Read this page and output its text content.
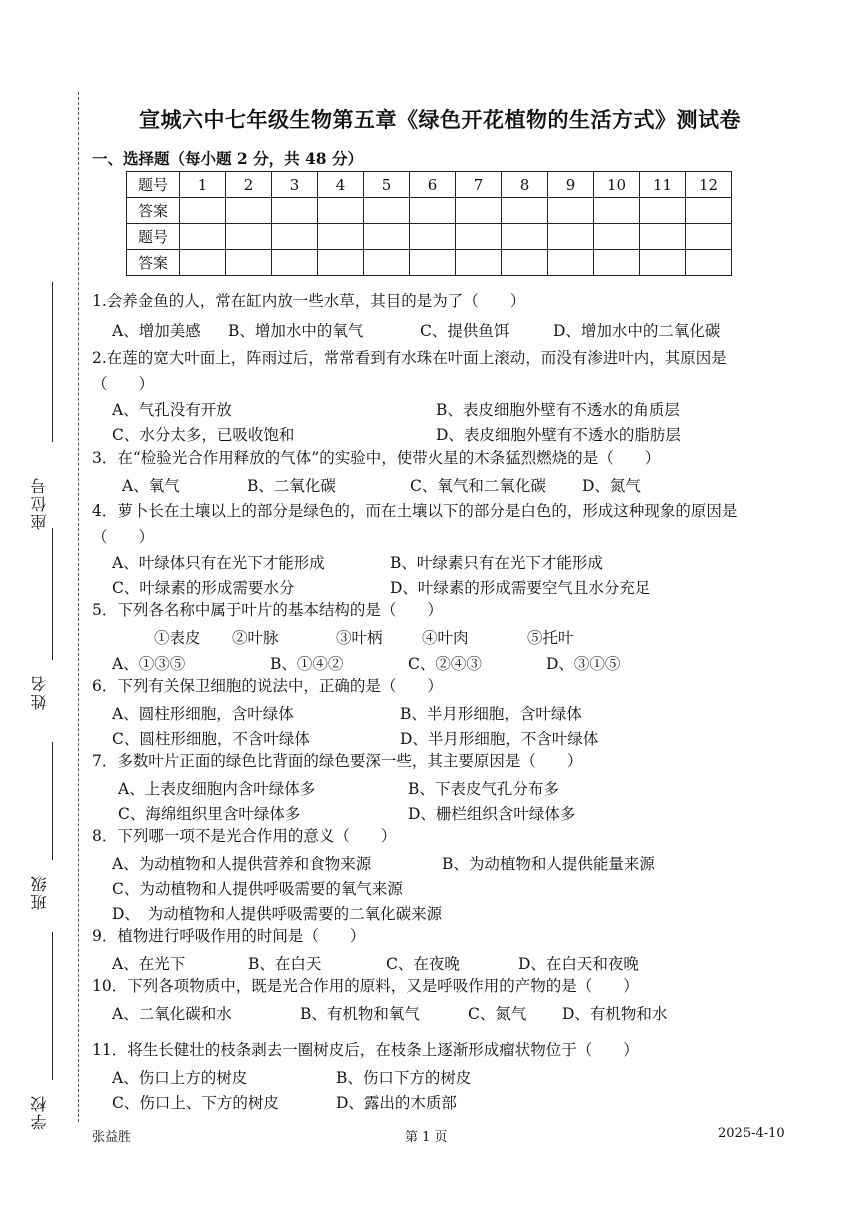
座位号
姓名
班级
学校
宣城六中七年级生物第五章《绿色开花植物的生活方式》测试卷
一、选择题（每小题 2 分，共 48 分）
题号	1	2	3	4	5	6	7	8	9	10	11	12
答案												
题号												
答案												
1.会养金鱼的人，常在缸内放一些水草，其目的是为了（　　）
A、增加美感 B、增加水中的氧气	C、提供鱼饵	D、增加水中的二氧化碳
2.在莲的宽大叶面上，阵雨过后，常常看到有水珠在叶面上滚动，而没有渗进叶内，其原因是（　　）
A、气孔没有开放	B、表皮细胞外壁有不透水的角质层
C、水分太多，已吸收饱和	D、表皮细胞外壁有不透水的脂肪层
3．在“检验光合作用释放的气体”的实验中，使带火星的木条猛烈燃烧的是（　　）
A、氧气	B、二氧化碳	C、氧气和二氧化碳 D、氮气
4．萝卜长在土壤以上的部分是绿色的，而在土壤以下的部分是白色的，形成这种现象的原因是（　　）
A、叶绿体只有在光下才能形成	B、叶绿素只有在光下才能形成
C、叶绿素的形成需要水分	D、叶绿素的形成需要空气且水分充足
5．下列各名称中属于叶片的基本结构的是（　　）
①表皮 ②叶脉	③叶柄	④叶肉	⑤托叶
A、①③⑤	B、①④②	C、②④③	D、③①⑤
6．下列有关保卫细胞的说法中，正确的是（　　）
A、圆柱形细胞，含叶绿体	B、半月形细胞，含叶绿体
C、圆柱形细胞，不含叶绿体	D、半月形细胞，不含叶绿体
7．多数叶片正面的绿色比背面的绿色要深一些，其主要原因是（　　）
A、上表皮细胞内含叶绿体多	B、下表皮气孔分布多
C、海绵组织里含叶绿体多	D、栅栏组织含叶绿体多
8．下列哪一项不是光合作用的意义（　　）
A、为动植物和人提供营养和食物来源	B、为动植物和人提供能量来源
C、为动植物和人提供呼吸需要的氧气来源
D、　为动植物和人提供呼吸需要的二氧化碳来源
9．植物进行呼吸作用的时间是（　　）
A、在光下	B、在白天	C、在夜晚	D、在白天和夜晚
10．下列各项物质中，既是光合作用的原料，又是呼吸作用的产物的是（　　）
A、二氧化碳和水	B、有机物和氧气	C、氮气 D、有机物和水
11．将生长健壮的枝条剥去一圈树皮后，在枝条上逐渐形成瘤状物位于（　　）
A、伤口上方的树皮	B、伤口下方的树皮
C、伤口上、下方的树皮	D、露出的木质部
张益胜	第 1 页	2025-4-10
